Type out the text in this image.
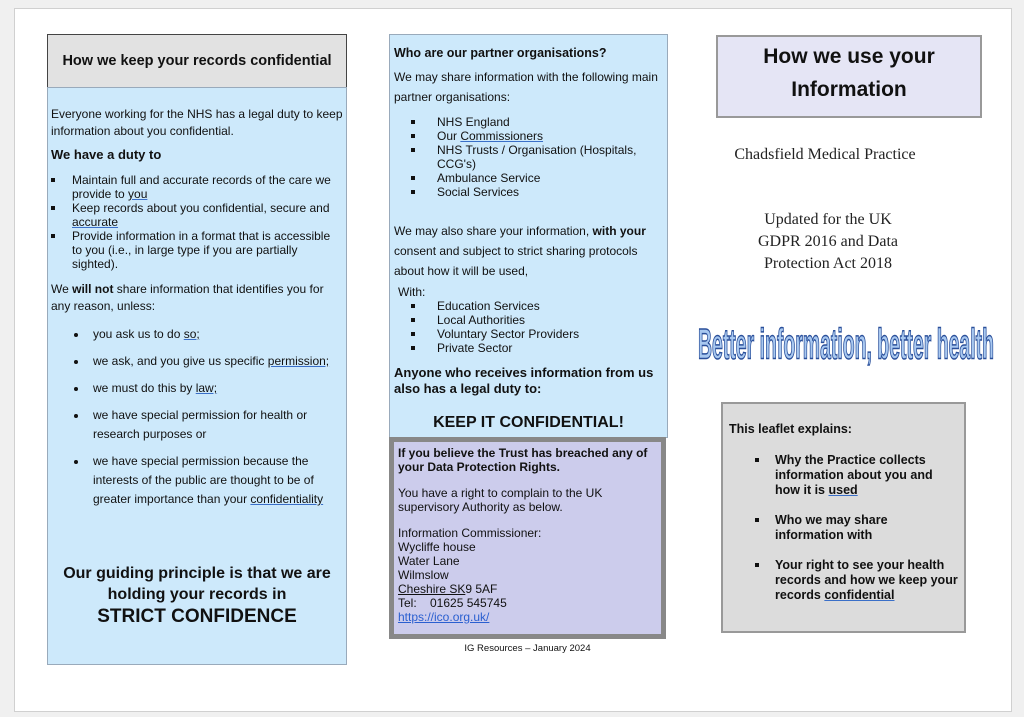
How we keep your records confidential

Everyone working for the NHS has a legal duty to keep information about you confidential.

We have a duty to
Maintain full and accurate records of the care we provide to you
Keep records about you confidential, secure and accurate
Provide information in a format that is accessible to you (i.e., in large type if you are partially sighted).

We will not share information that identifies you for any reason, unless:

you ask us to do so;
we ask, and you give us specific permission;
we must do this by law;
we have special permission for health or research purposes or
we have special permission because the interests of the public are thought to be of greater importance than your confidentiality
Our guiding principle is that we are holding your records in
STRICT CONFIDENCE
Who are our partner organisations?

We may share information with the following main partner organisations:

NHS England
Our Commissioners
NHS Trusts / Organisation (Hospitals, CCG's)
Ambulance Service
Social Services

We may also share your information, with your consent and subject to strict sharing protocols about how it will be used,

With:
Education Services
Local Authorities
Voluntary Sector Providers
Private Sector
Anyone who receives information from us also has a legal duty to:
KEEP IT CONFIDENTIAL!
If you believe the Trust has breached any of your Data Protection Rights.
You have a right to complain to the UK supervisory Authority as below.
Information Commissioner:
Wycliffe house
Water Lane
Wilmslow
Cheshire SK9 5AF
Tel: 01625 545745
https://ico.org.uk/
IG Resources – January 2024
How we use your
Information
Chadsfield Medical Practice
Updated for the UK
GDPR 2016 and Data
Protection Act 2018
Better information, better health
This leaflet explains:
Why the Practice collects information about you and how it is used
Who we may share information with
Your right to see your health records and how we keep your records confidential
